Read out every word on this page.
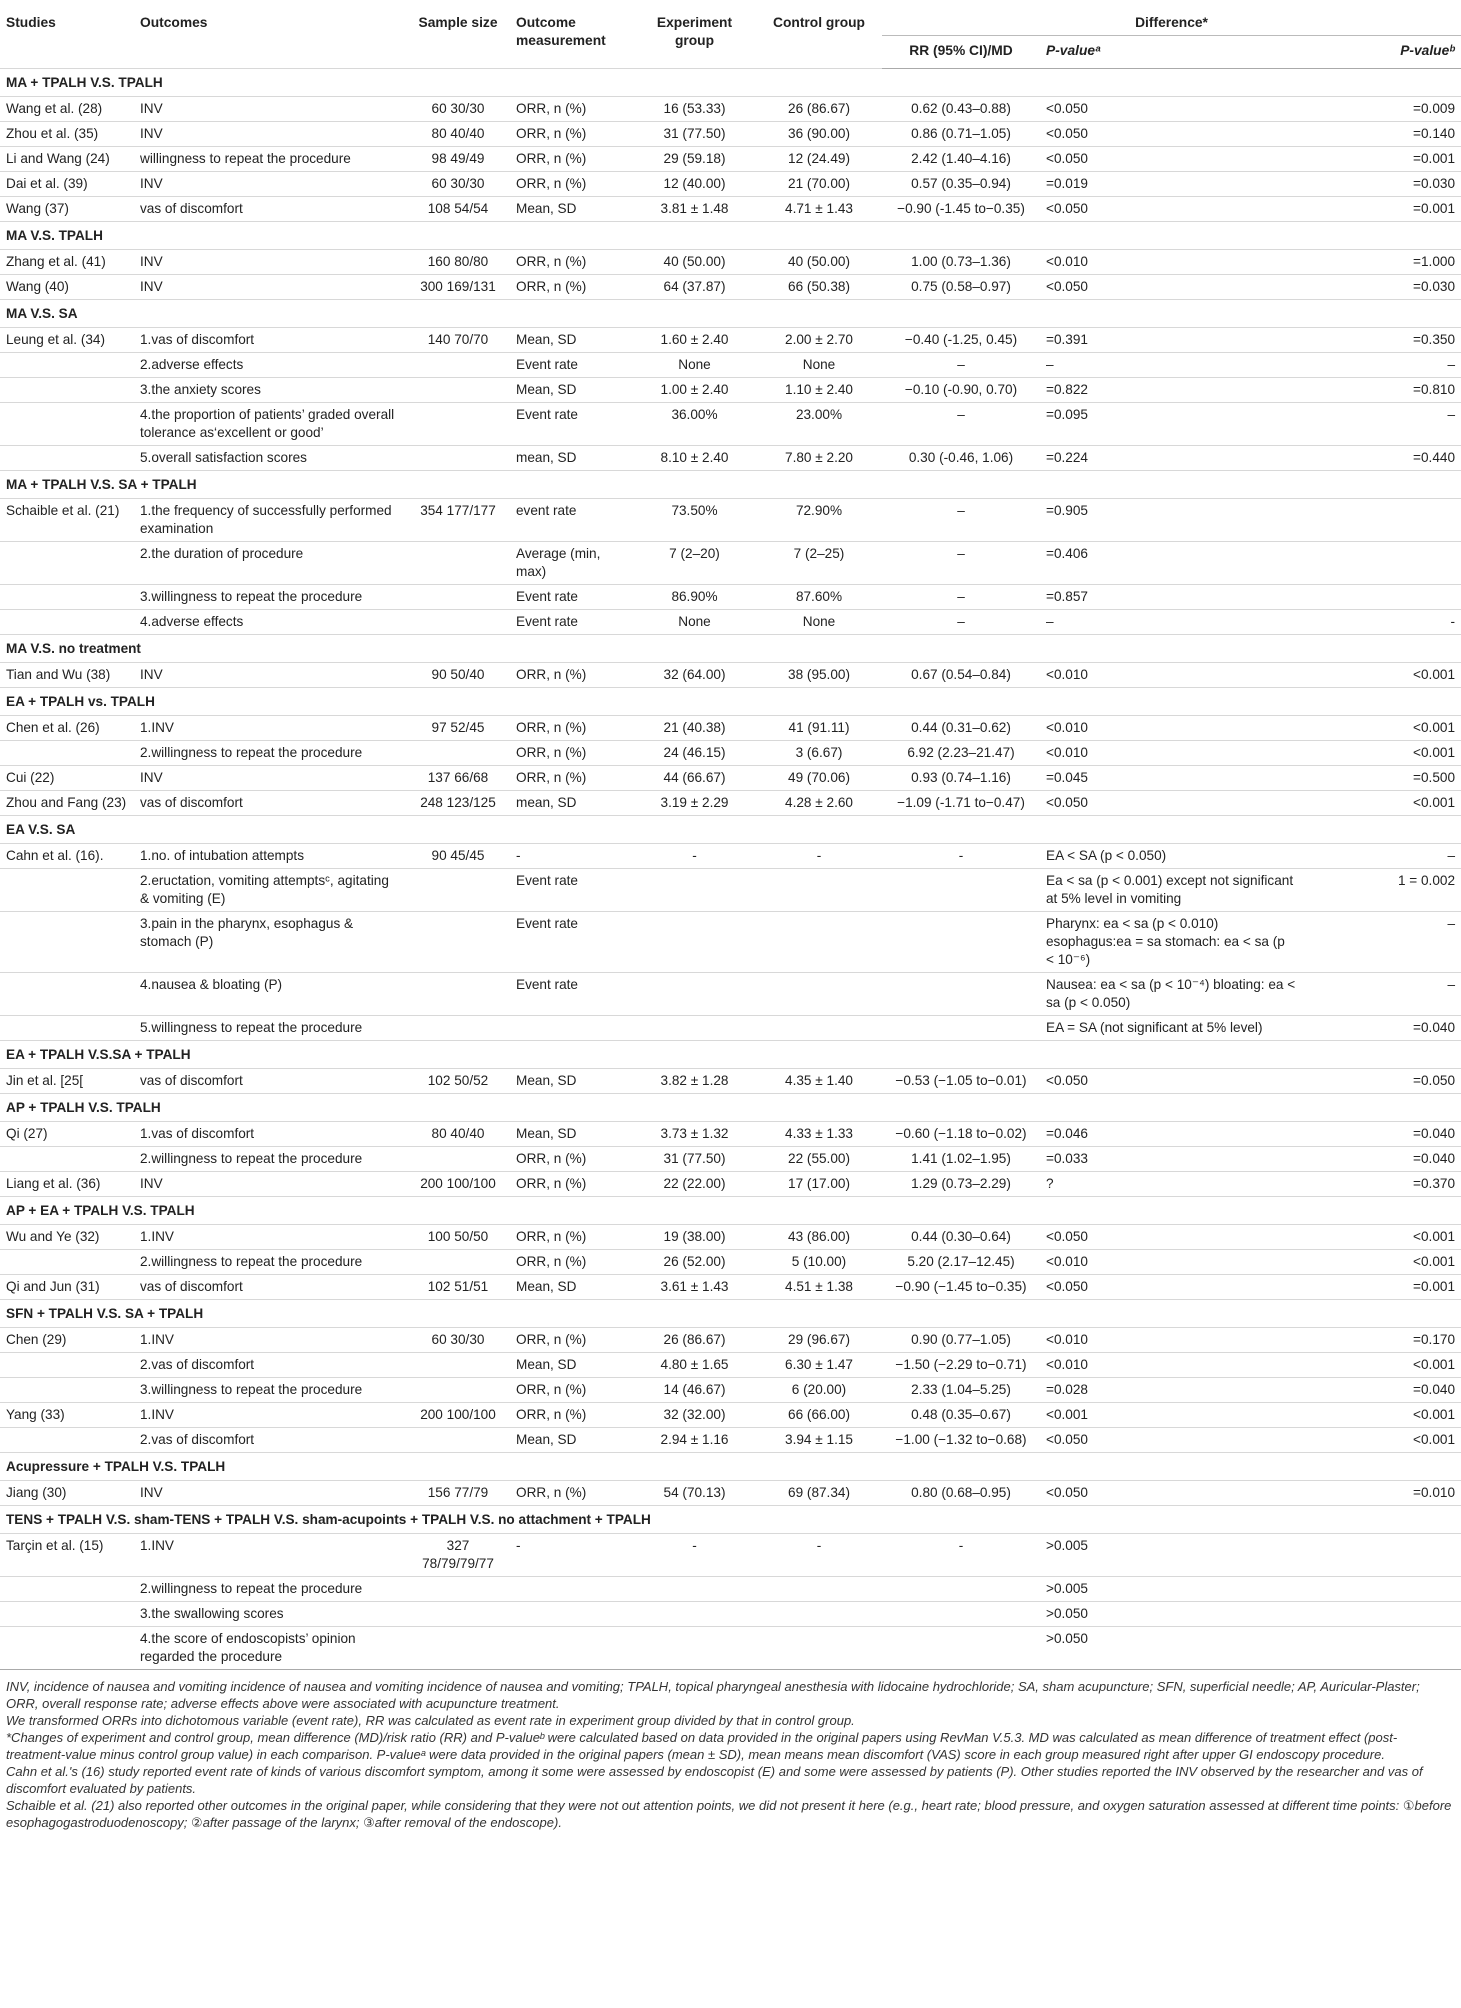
Studies	Outcomes	Sample size	Outcome measurement	Experiment group	Control group	Difference*		
						RR (95% CI)/MD	P-valueᵃ	P-valueᵇ
MA + TPALH V.S. TPALH								
Wang et al. (28)	INV	60 30/30	ORR, n (%)	16 (53.33)	26 (86.67)	0.62 (0.43–0.88)	<0.050	=0.009
Zhou et al. (35)	INV	80 40/40	ORR, n (%)	31 (77.50)	36 (90.00)	0.86 (0.71–1.05)	<0.050	=0.140
Li and Wang (24)	willingness to repeat the procedure	98 49/49	ORR, n (%)	29 (59.18)	12 (24.49)	2.42 (1.40–4.16)	<0.050	=0.001
Dai et al. (39)	INV	60 30/30	ORR, n (%)	12 (40.00)	21 (70.00)	0.57 (0.35–0.94)	=0.019	=0.030
Wang (37)	vas of discomfort	108 54/54	Mean, SD	3.81 ± 1.48	4.71 ± 1.43	−0.90 (-1.45 to−0.35)	<0.050	=0.001
MA V.S. TPALH								
Zhang et al. (41)	INV	160 80/80	ORR, n (%)	40 (50.00)	40 (50.00)	1.00 (0.73–1.36)	<0.010	=1.000
Wang (40)	INV	300 169/131	ORR, n (%)	64 (37.87)	66 (50.38)	0.75 (0.58–0.97)	<0.050	=0.030
MA V.S. SA								
Leung et al. (34)	1.vas of discomfort	140 70/70	Mean, SD	1.60 ± 2.40	2.00 ± 2.70	−0.40 (-1.25, 0.45)	=0.391	=0.350
	2.adverse effects		Event rate	None	None	–	–	–
	3.the anxiety scores		Mean, SD	1.00 ± 2.40	1.10 ± 2.40	−0.10 (-0.90, 0.70)	=0.822	=0.810
	4.the proportion of patients’ graded overall tolerance as‘excellent or good’		Event rate	36.00%	23.00%	–	=0.095	–
	5.overall satisfaction scores		mean, SD	8.10 ± 2.40	7.80 ± 2.20	0.30 (-0.46, 1.06)	=0.224	=0.440
MA + TPALH V.S. SA + TPALH								
Schaible et al. (21)	1.the frequency of successfully performed examination	354 177/177	event rate	73.50%	72.90%	–	=0.905	
	2.the duration of procedure		Average (min, max)	7 (2–20)	7 (2–25)	–	=0.406	
	3.willingness to repeat the procedure		Event rate	86.90%	87.60%	–	=0.857	
	4.adverse effects		Event rate	None	None	–	–	-
MA V.S. no treatment								
Tian and Wu (38)	INV	90 50/40	ORR, n (%)	32 (64.00)	38 (95.00)	0.67 (0.54–0.84)	<0.010	<0.001
EA + TPALH vs. TPALH								
Chen et al. (26)	1.INV	97 52/45	ORR, n (%)	21 (40.38)	41 (91.11)	0.44 (0.31–0.62)	<0.010	<0.001
	2.willingness to repeat the procedure		ORR, n (%)	24 (46.15)	3 (6.67)	6.92 (2.23–21.47)	<0.010	<0.001
Cui (22)	INV	137 66/68	ORR, n (%)	44 (66.67)	49 (70.06)	0.93 (0.74–1.16)	=0.045	=0.500
Zhou and Fang (23)	vas of discomfort	248 123/125	mean, SD	3.19 ± 2.29	4.28 ± 2.60	−1.09 (-1.71 to−0.47)	<0.050	<0.001
EA V.S. SA								
Cahn et al. (16).	1.no. of intubation attempts	90 45/45	-	-	-	-	EA < SA (p < 0.050)	–
	2.eructation, vomiting attemptsᶜ, agitating & vomiting (E)		Event rate				Ea < sa (p < 0.001) except not significant at 5% level in vomiting	1 = 0.002
	3.pain in the pharynx, esophagus & stomach (P)		Event rate				Pharynx: ea < sa (p < 0.010) esophagus:ea = sa stomach: ea < sa (p < 10⁻⁶)	–
	4.nausea & bloating (P)		Event rate				Nausea: ea < sa (p < 10⁻⁴) bloating: ea < sa (p < 0.050)	–
	5.willingness to repeat the procedure						EA = SA (not significant at 5% level)	=0.040
EA + TPALH V.S.SA + TPALH								
Jin et al. [25[	vas of discomfort	102 50/52	Mean, SD	3.82 ± 1.28	4.35 ± 1.40	−0.53 (−1.05 to−0.01)	<0.050	=0.050
AP + TPALH V.S. TPALH								
Qi (27)	1.vas of discomfort	80 40/40	Mean, SD	3.73 ± 1.32	4.33 ± 1.33	−0.60 (−1.18 to−0.02)	=0.046	=0.040
	2.willingness to repeat the procedure		ORR, n (%)	31 (77.50)	22 (55.00)	1.41 (1.02–1.95)	=0.033	=0.040
Liang et al. (36)	INV	200 100/100	ORR, n (%)	22 (22.00)	17 (17.00)	1.29 (0.73–2.29)	?	=0.370
AP + EA + TPALH V.S. TPALH								
Wu and Ye (32)	1.INV	100 50/50	ORR, n (%)	19 (38.00)	43 (86.00)	0.44 (0.30–0.64)	<0.050	<0.001
	2.willingness to repeat the procedure		ORR, n (%)	26 (52.00)	5 (10.00)	5.20 (2.17–12.45)	<0.010	<0.001
Qi and Jun (31)	vas of discomfort	102 51/51	Mean, SD	3.61 ± 1.43	4.51 ± 1.38	−0.90 (−1.45 to−0.35)	<0.050	=0.001
SFN + TPALH V.S. SA + TPALH								
Chen (29)	1.INV	60 30/30	ORR, n (%)	26 (86.67)	29 (96.67)	0.90 (0.77–1.05)	<0.010	=0.170
	2.vas of discomfort		Mean, SD	4.80 ± 1.65	6.30 ± 1.47	−1.50 (−2.29 to−0.71)	<0.010	<0.001
	3.willingness to repeat the procedure		ORR, n (%)	14 (46.67)	6 (20.00)	2.33 (1.04–5.25)	=0.028	=0.040
Yang (33)	1.INV	200 100/100	ORR, n (%)	32 (32.00)	66 (66.00)	0.48 (0.35–0.67)	<0.001	<0.001
	2.vas of discomfort		Mean, SD	2.94 ± 1.16	3.94 ± 1.15	−1.00 (−1.32 to−0.68)	<0.050	<0.001
Acupressure + TPALH V.S. TPALH								
Jiang (30)	INV	156 77/79	ORR, n (%)	54 (70.13)	69 (87.34)	0.80 (0.68–0.95)	<0.050	=0.010
TENS + TPALH V.S. sham-TENS + TPALH V.S. sham-acupoints + TPALH V.S. no attachment + TPALH								
Tarçin et al. (15)	1.INV	327 78/79/79/77	-	-	-	-	>0.005	
	2.willingness to repeat the procedure						>0.005	
	3.the swallowing scores						>0.050	
	4.the score of endoscopists’ opinion regarded the procedure						>0.050	

INV, incidence of nausea and vomiting incidence of nausea and vomiting incidence of nausea and vomiting; TPALH, topical pharyngeal anesthesia with lidocaine hydrochloride; SA, sham acupuncture; SFN, superficial needle; AP, Auricular-Plaster; ORR, overall response rate; adverse effects above were associated with acupuncture treatment.

We transformed ORRs into dichotomous variable (event rate), RR was calculated as event rate in experiment group divided by that in control group.

*Changes of experiment and control group, mean difference (MD)/risk ratio (RR) and P-valueᵇ were calculated based on data provided in the original papers using RevMan V.5.3. MD was calculated as mean difference of treatment effect (post-treatment-value minus control group value) in each comparison. P-valueᵃ were data provided in the original papers (mean ± SD), mean means mean discomfort (VAS) score in each group measured right after upper GI endoscopy procedure.

Cahn et al.'s (16) study reported event rate of kinds of various discomfort symptom, among it some were assessed by endoscopist (E) and some were assessed by patients (P). Other studies reported the INV observed by the researcher and vas of discomfort evaluated by patients.

Schaible et al. (21) also reported other outcomes in the original paper, while considering that they were not out attention points, we did not present it here (e.g., heart rate; blood pressure, and oxygen saturation assessed at different time points: ①before esophagogastroduodenoscopy; ②after passage of the larynx; ③after removal of the endoscope).
